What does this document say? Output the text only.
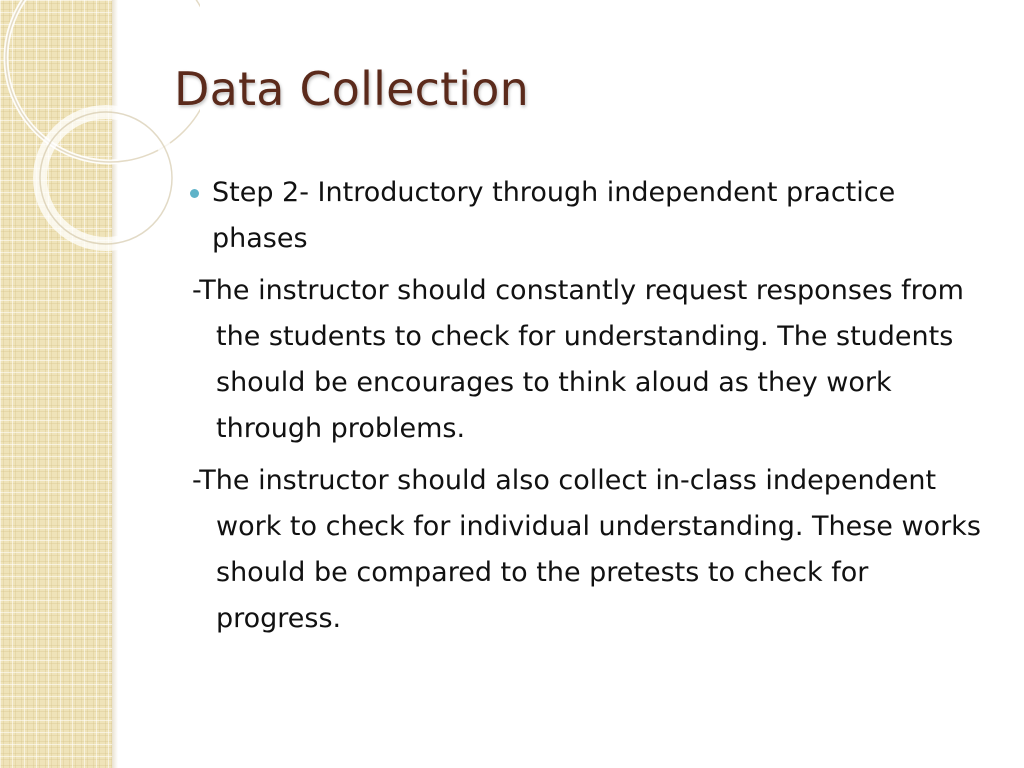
Data Collection
Step 2- Introductory through independent practice phases

-The instructor should constantly request responses from the students to check for understanding. The students should be encourages to think aloud as they work through problems.

-The instructor should also collect in-class independent work to check for individual understanding. These works should be compared to the pretests to check for progress.
